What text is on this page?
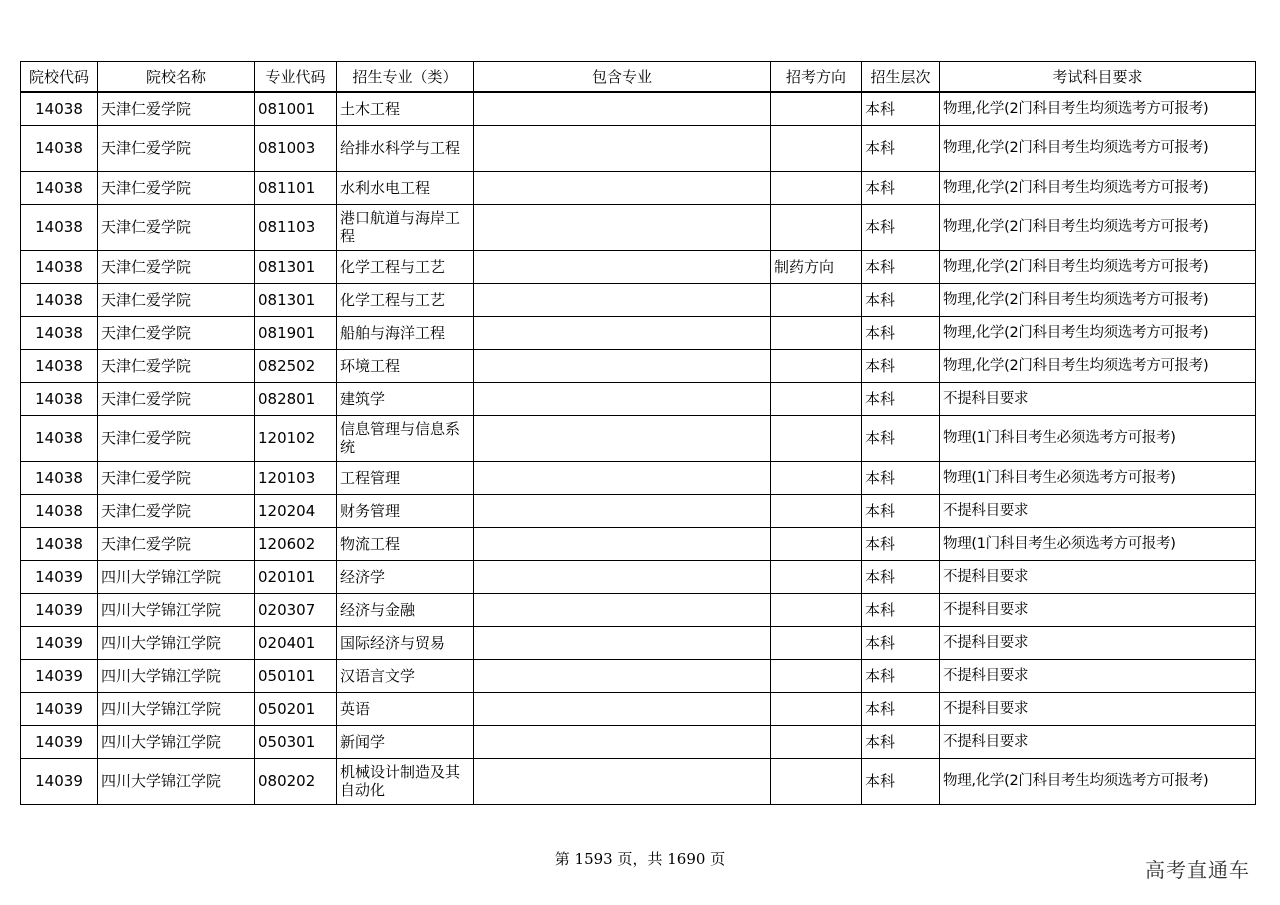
院校代码	院校名称	专业代码	招生专业（类）	包含专业	招考方向	招生层次	考试科目要求
14038	天津仁爱学院	081001	土木工程			本科	物理,化学(2门科目考生均须选考方可报考)
14038	天津仁爱学院	081003	给排水科学与工程			本科	物理,化学(2门科目考生均须选考方可报考)
14038	天津仁爱学院	081101	水利水电工程			本科	物理,化学(2门科目考生均须选考方可报考)
14038	天津仁爱学院	081103	港口航道与海岸工程			本科	物理,化学(2门科目考生均须选考方可报考)
14038	天津仁爱学院	081301	化学工程与工艺		制药方向	本科	物理,化学(2门科目考生均须选考方可报考)
14038	天津仁爱学院	081301	化学工程与工艺			本科	物理,化学(2门科目考生均须选考方可报考)
14038	天津仁爱学院	081901	船舶与海洋工程			本科	物理,化学(2门科目考生均须选考方可报考)
14038	天津仁爱学院	082502	环境工程			本科	物理,化学(2门科目考生均须选考方可报考)
14038	天津仁爱学院	082801	建筑学			本科	不提科目要求
14038	天津仁爱学院	120102	信息管理与信息系统			本科	物理(1门科目考生必须选考方可报考)
14038	天津仁爱学院	120103	工程管理			本科	物理(1门科目考生必须选考方可报考)
14038	天津仁爱学院	120204	财务管理			本科	不提科目要求
14038	天津仁爱学院	120602	物流工程			本科	物理(1门科目考生必须选考方可报考)
14039	四川大学锦江学院	020101	经济学			本科	不提科目要求
14039	四川大学锦江学院	020307	经济与金融			本科	不提科目要求
14039	四川大学锦江学院	020401	国际经济与贸易			本科	不提科目要求
14039	四川大学锦江学院	050101	汉语言文学			本科	不提科目要求
14039	四川大学锦江学院	050201	英语			本科	不提科目要求
14039	四川大学锦江学院	050301	新闻学			本科	不提科目要求
14039	四川大学锦江学院	080202	机械设计制造及其自动化			本科	物理,化学(2门科目考生均须选考方可报考)
第 1593 页，共 1690 页	高考直通车
